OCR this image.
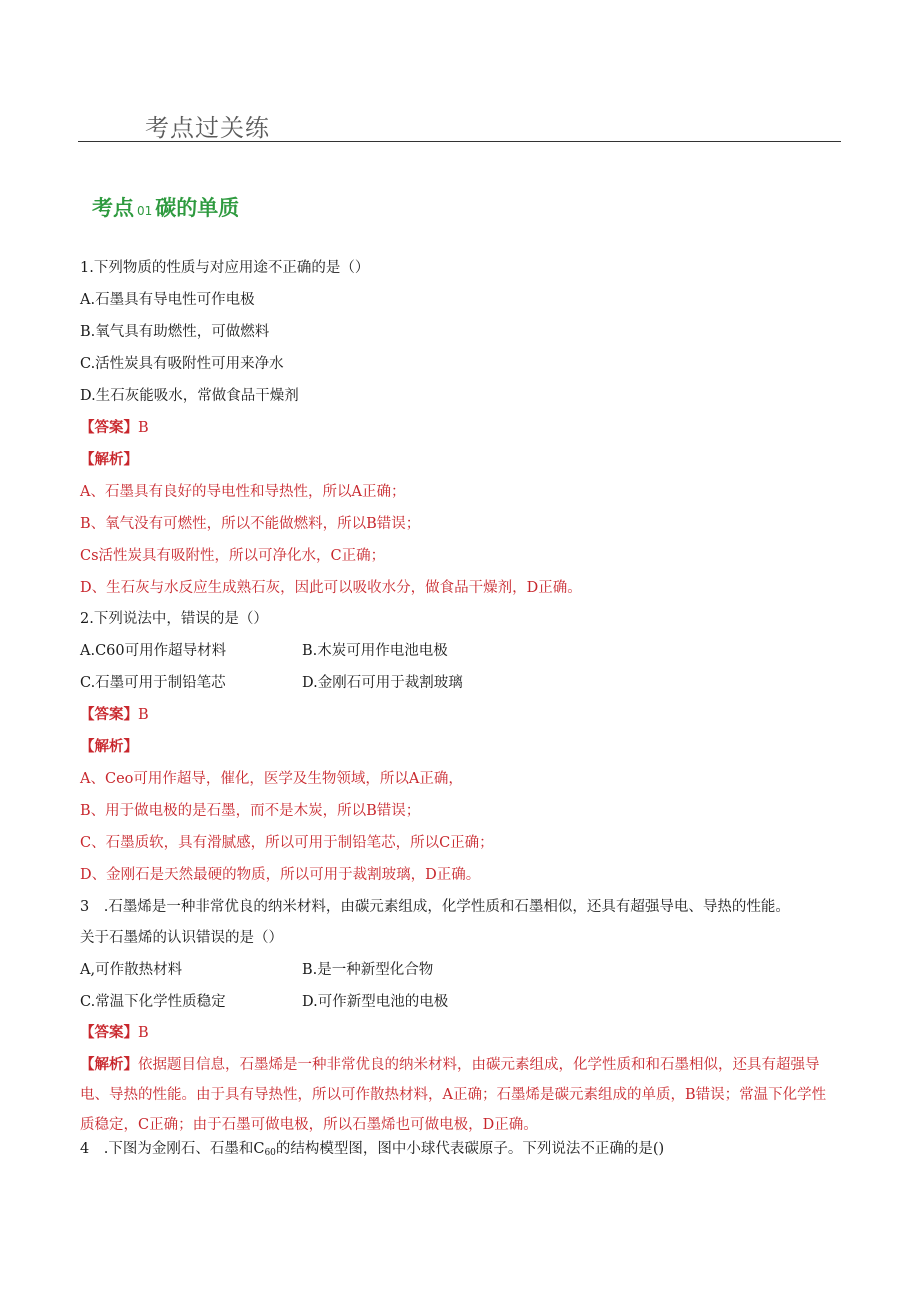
考点过关练
考点 01 碳的单质
1.下列物质的性质与对应用途不正确的是（）
A.石墨具有导电性可作电极
B.氧气具有助燃性，可做燃料
C.活性炭具有吸附性可用来净水
D.生石灰能吸水，常做食品干燥剂
【答案】B
【解析】
A、石墨具有良好的导电性和导热性，所以A正确；
B、氧气没有可燃性，所以不能做燃料，所以B错误；
Cs活性炭具有吸附性，所以可净化水，C正确；
D、生石灰与水反应生成熟石灰，因此可以吸收水分，做食品干燥剂，D正确。
2.下列说法中，错误的是（）
A.C60可用作超导材料	B.木炭可用作电池电极
C.石墨可用于制铅笔芯	D.金刚石可用于裁割玻璃
【答案】B
【解析】
A、Ceo可用作超导，催化，医学及生物领域，所以A正确，
B、用于做电极的是石墨，而不是木炭，所以B错误；
C、石墨质软，具有滑腻感，所以可用于制铅笔芯，所以C正确；
D、金刚石是天然最硬的物质，所以可用于裁割玻璃，D正确。
3　.石墨烯是一种非常优良的纳米材料，由碳元素组成，化学性质和石墨相似，还具有超强导电、导热的性能。
关于石墨烯的认识错误的是（）
A,可作散热材料	B.是一种新型化合物
C.常温下化学性质稳定	D.可作新型电池的电极
【答案】B
【解析】依据题目信息，石墨烯是一种非常优良的纳米材料，由碳元素组成，化学性质和和石墨相似，还具有超强导电、导热的性能。由于具有导热性，所以可作散热材料，A正确；石墨烯是碳元素组成的单质，B错误；常温下化学性质稳定，C正确；由于石墨可做电极，所以石墨烯也可做电极，D正确。
4　.下图为金刚石、石墨和$C_{60}$的结构模型图，图中小球代表碳原子。下列说法不正确的是()
